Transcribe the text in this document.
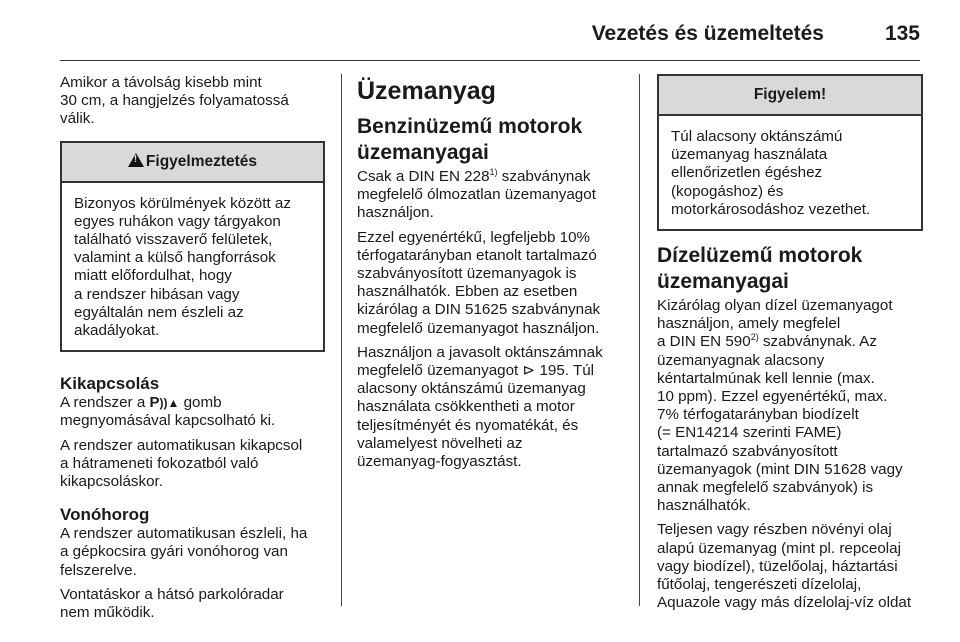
Vezetés és üzemeltetés	135

Amikor a távolság kisebb mint
30 cm, a hangjelzés folyamatossá
válik.

!Figyelmeztetés
Bizonyos körülmények között az
egyes ruhákon vagy tárgyakon
található visszaverő felületek,
valamint a külső hangforrások
miatt előfordulhat, hogy
a rendszer hibásan vagy
egyáltalán nem észleli az
akadályokat.
Kikapcsolás

A rendszer a P))▲ gomb
megnyomásával kapcsolható ki.

A rendszer automatikusan kikapcsol
a hátrameneti fokozatból való
kikapcsoláskor.

Vonóhorog

A rendszer automatikusan észleli, ha
a gépkocsira gyári vonóhorog van
felszerelve.

Vontatáskor a hátsó parkolóradar
nem működik.

Üzemanyag
Benzinüzemű motorok
üzemanyagai

Csak a DIN EN 228$^{1)}$ szabványnak
megfelelő ólmozatlan üzemanyagot
használjon.

Ezzel egyenértékű, legfeljebb 10%
térfogatarányban etanolt tartalmazó
szabványosított üzemanyagok is
használhatók. Ebben az esetben
kizárólag a DIN 51625 szabványnak
megfelelő üzemanyagot használjon.

Használjon a javasolt oktánszámnak
megfelelő üzemanyagot ⊳ 195. Túl
alacsony oktánszámú üzemanyag
használata csökkentheti a motor
teljesítményét és nyomatékát, és
valamelyest növelheti az
üzemanyag-fogyasztást.

Figyelem!
Túl alacsony oktánszámú
üzemanyag használata
ellenőrizetlen égéshez
(kopogáshoz) és
motorkárosodáshoz vezethet.
Dízelüzemű motorok
üzemanyagai

Kizárólag olyan dízel üzemanyagot
használjon, amely megfelel
a DIN EN 590$^{2)}$ szabványnak. Az
üzemanyagnak alacsony
kéntartalmúnak kell lennie (max.
10 ppm). Ezzel egyenértékű, max.
7% térfogatarányban biodízelt
(= EN14214 szerinti FAME)
tartalmazó szabványosított
üzemanyagok (mint DIN 51628 vagy
annak megfelelő szabványok) is
használhatók.

Teljesen vagy részben növényi olaj
alapú üzemanyag (mint pl. repceolaj
vagy biodízel), tüzelőolaj, háztartási
fűtőolaj, tengerészeti dízelolaj,
Aquazole vagy más dízelolaj-víz oldat
